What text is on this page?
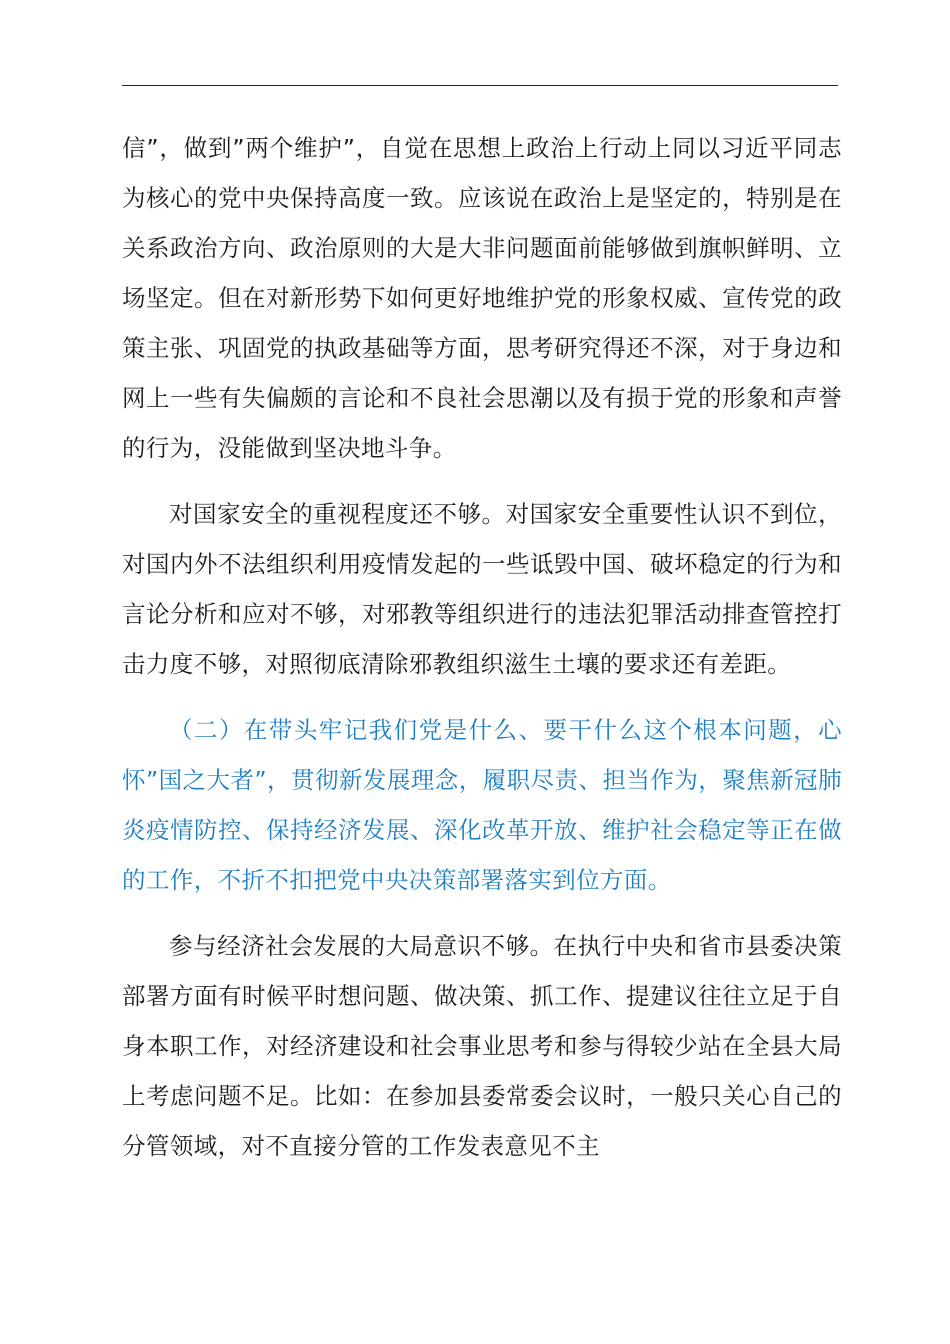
信”，做到”两个维护”，自觉在思想上政治上行动上同以习近平同志为核心的党中央保持高度一致。应该说在政治上是坚定的，特别是在关系政治方向、政治原则的大是大非问题面前能够做到旗帜鲜明、立场坚定。但在对新形势下如何更好地维护党的形象权威、宣传党的政策主张、巩固党的执政基础等方面，思考研究得还不深，对于身边和网上一些有失偏颇的言论和不良社会思潮以及有损于党的形象和声誉的行为，没能做到坚决地斗争。

对国家安全的重视程度还不够。对国家安全重要性认识不到位，对国内外不法组织利用疫情发起的一些诋毁中国、破坏稳定的行为和言论分析和应对不够，对邪教等组织进行的违法犯罪活动排查管控打击力度不够，对照彻底清除邪教组织滋生土壤的要求还有差距。

（二）在带头牢记我们党是什么、要干什么这个根本问题，心怀”国之大者”，贯彻新发展理念，履职尽责、担当作为，聚焦新冠肺炎疫情防控、保持经济发展、深化改革开放、维护社会稳定等正在做的工作，不折不扣把党中央决策部署落实到位方面。

参与经济社会发展的大局意识不够。在执行中央和省市县委决策部署方面有时候平时想问题、做决策、抓工作、提建议往往立足于自身本职工作，对经济建设和社会事业思考和参与得较少站在全县大局上考虑问题不足。比如：在参加县委常委会议时，一般只关心自己的分管领域，对不直接分管的工作发表意见不主
